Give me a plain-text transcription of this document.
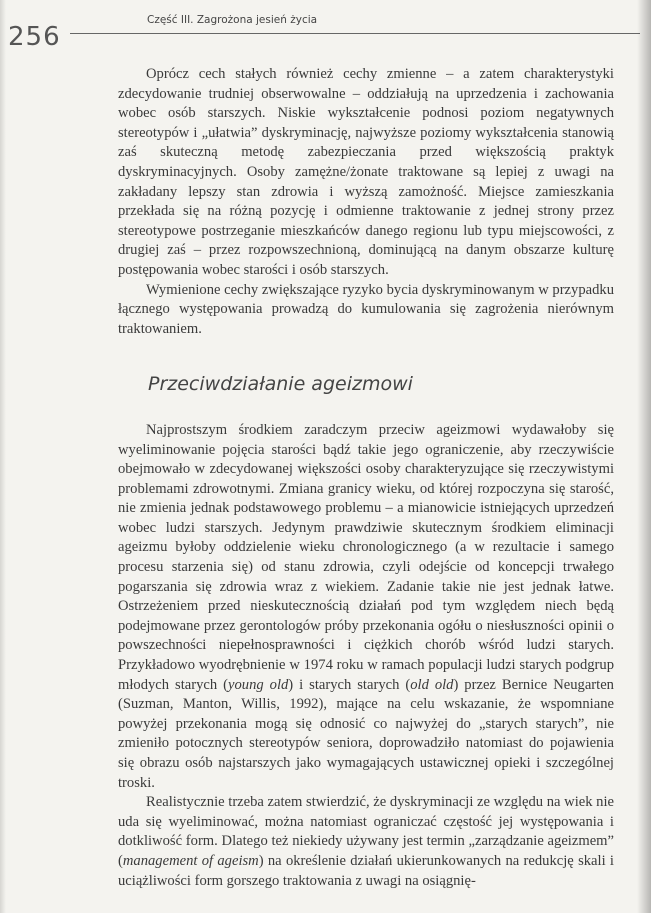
256
Część III. Zagrożona jesień życia

Oprócz cech stałych również cechy zmienne – a zatem charakterystyki zdecydowanie trudniej obserwowalne – oddziałują na uprzedzenia i zachowania wobec osób starszych. Niskie wykształcenie podnosi poziom negatywnych stereotypów i „ułatwia” dyskryminację, najwyższe poziomy wykształcenia stanowią zaś skuteczną metodę zabezpieczania przed większością praktyk dyskryminacyjnych. Osoby zamężne/żonate traktowane są lepiej z uwagi na zakładany lepszy stan zdrowia i wyższą zamożność. Miejsce zamieszkania przekłada się na różną pozycję i odmienne traktowanie z jednej strony przez stereotypowe postrzeganie mieszkańców danego regionu lub typu miejscowości, z drugiej zaś – przez rozpowszechnioną, dominującą na danym obszarze kulturę postępowania wobec starości i osób starszych.

Wymienione cechy zwiększające ryzyko bycia dyskryminowanym w przypadku łącznego występowania prowadzą do kumulowania się zagrożenia nierównym traktowaniem.

Przeciwdziałanie ageizmowi

Najprostszym środkiem zaradczym przeciw ageizmowi wydawałoby się wyeliminowanie pojęcia starości bądź takie jego ograniczenie, aby rzeczywiście obejmowało w zdecydowanej większości osoby charakteryzujące się rzeczywistymi problemami zdrowotnymi. Zmiana granicy wieku, od której rozpoczyna się starość, nie zmienia jednak podstawowego problemu – a mianowicie istniejących uprzedzeń wobec ludzi starszych. Jedynym prawdziwie skutecznym środkiem eliminacji ageizmu byłoby oddzielenie wieku chronologicznego (a w rezultacie i samego procesu starzenia się) od stanu zdrowia, czyli odejście od koncepcji trwałego pogarszania się zdrowia wraz z wiekiem. Zadanie takie nie jest jednak łatwe. Ostrzeżeniem przed nieskutecznością działań pod tym względem niech będą podejmowane przez gerontologów próby przekonania ogółu o niesłuszności opinii o powszechności niepełnosprawności i ciężkich chorób wśród ludzi starych. Przykładowo wyodrębnienie w 1974 roku w ramach populacji ludzi starych podgrup młodych starych (young old) i starych starych (old old) przez Bernice Neugarten (Suzman, Manton, Willis, 1992), mające na celu wskazanie, że wspomniane powyżej przekonania mogą się odnosić co najwyżej do „starych starych”, nie zmieniło potocznych stereotypów seniora, doprowadziło natomiast do pojawienia się obrazu osób najstarszych jako wymagających ustawicznej opieki i szczególnej troski.

Realistycznie trzeba zatem stwierdzić, że dyskryminacji ze względu na wiek nie uda się wyeliminować, można natomiast ograniczać częstość jej występowania i dotkliwość form. Dlatego też niekiedy używany jest termin „zarządzanie ageizmem” (management of ageism) na określenie działań ukierunkowanych na redukcję skali i uciążliwości form gorszego traktowania z uwagi na osiągnię-
